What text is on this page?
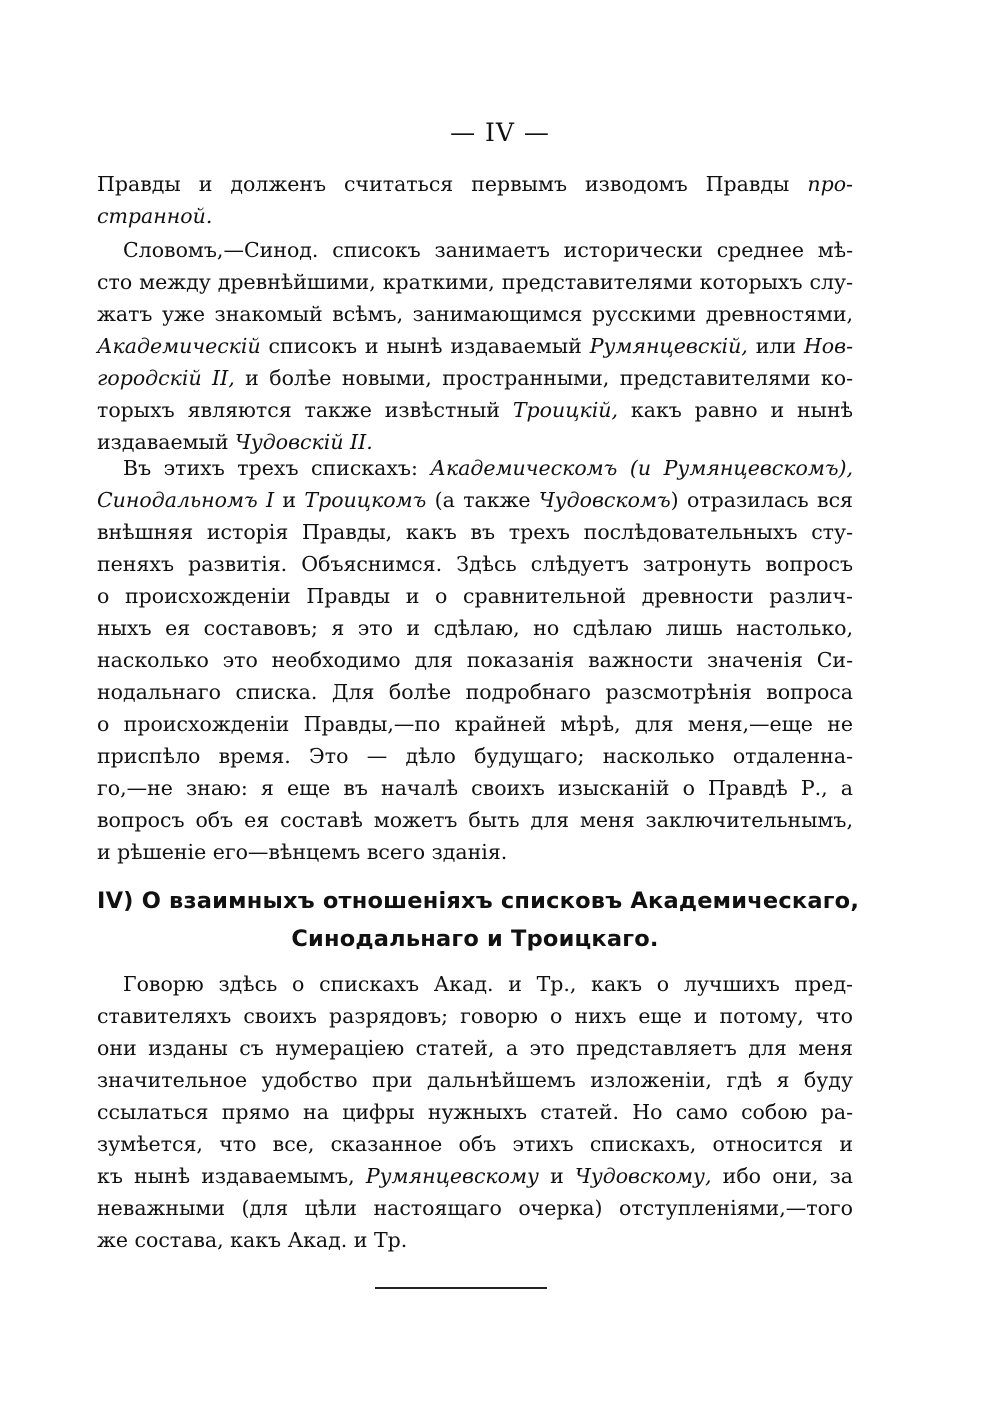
— IV —
Правды и долженъ считаться первымъ изводомъ Правды про-
странной.
Словомъ,—Синод. списокъ занимаетъ исторически среднее мѣ-
сто между древнѣйшими, краткими, представителями которыхъ слу-
жатъ уже знакомый всѣмъ, занимающимся русскими древностями,
Академическій списокъ и нынѣ издаваемый Румянцевскій, или Нов-
городскій II, и болѣе новыми, пространными, представителями ко-
торыхъ являются также извѣстный Троицкій, какъ равно и нынѣ
издаваемый Чудовскій II.
Въ этихъ трехъ спискахъ: Академическомъ (и Румянцевскомъ),
Синодальномъ I и Троицкомъ (а также Чудовскомъ) отразилась вся
внѣшняя исторія Правды, какъ въ трехъ послѣдовательныхъ сту-
пеняхъ развитія. Объяснимся. Здѣсь слѣдуетъ затронуть вопросъ
о происхожденіи Правды и о сравнительной древности различ-
ныхъ ея составовъ; я это и сдѣлаю, но сдѣлаю лишь настолько,
насколько это необходимо для показанія важности значенія Си-
нодальнаго списка. Для болѣе подробнаго разсмотрѣнія вопроса
о происхожденіи Правды,—по крайней мѣрѣ, для меня,—еще не
приспѣло время. Это — дѣло будущаго; насколько отдаленна-
го,—не знаю: я еще въ началѣ своихъ изысканій о Правдѣ Р., а
вопросъ объ ея составѣ можетъ быть для меня заключительнымъ,
и рѣшеніе его—вѣнцемъ всего зданія.
IV) О взаимныхъ отношеніяхъ списковъ Академическаго,
Синодальнаго и Троицкаго.
Говорю здѣсь о спискахъ Акад. и Тр., какъ о лучшихъ пред-
ставителяхъ своихъ разрядовъ; говорю о нихъ еще и потому, что
они изданы съ нумераціею статей, а это представляетъ для меня
значительное удобство при дальнѣйшемъ изложеніи, гдѣ я буду
ссылаться прямо на цифры нужныхъ статей. Но само собою ра-
зумѣется, что все, сказанное объ этихъ спискахъ, относится и
къ нынѣ издаваемымъ, Румянцевскому и Чудовскому, ибо они, за
неважными (для цѣли настоящаго очерка) отступленіями,—того
же состава, какъ Акад. и Тр.
